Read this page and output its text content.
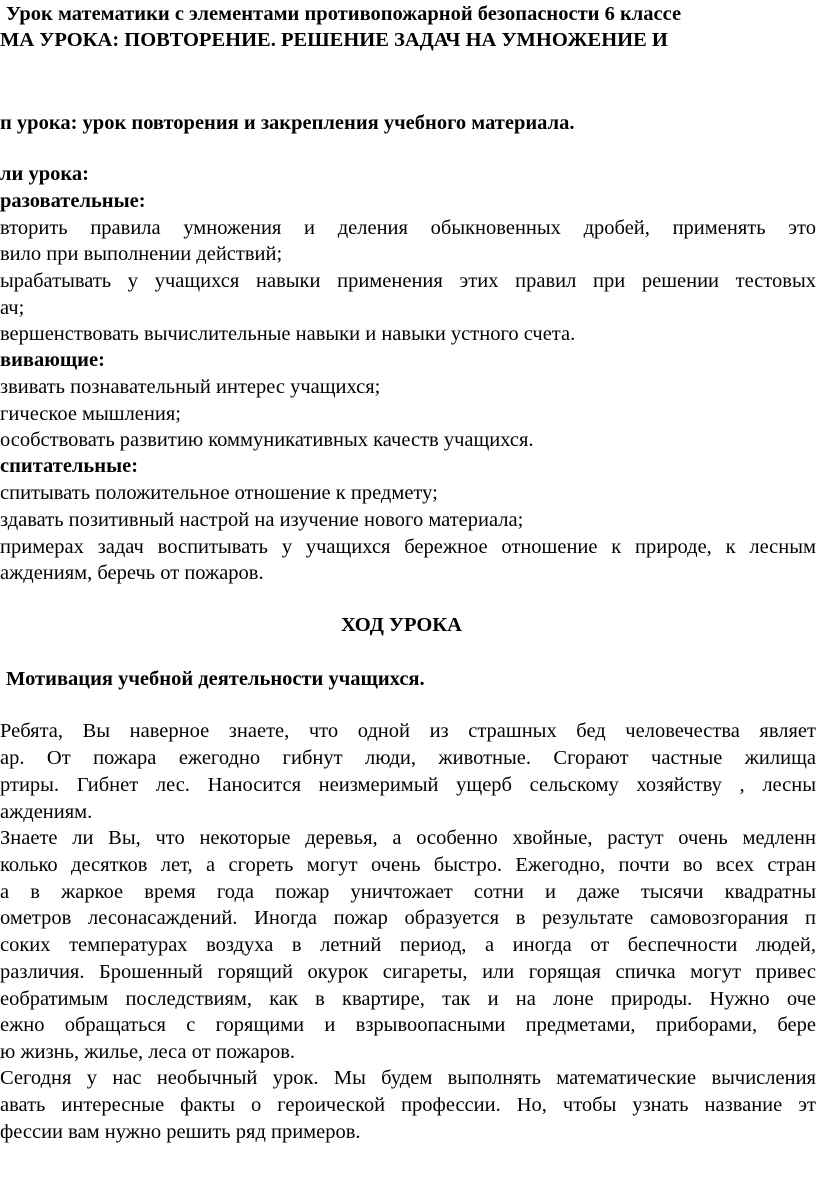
Урок математики с элементами противопожарной безопасности 6 классе
МА УРОКА: ПОВТОРЕНИЕ. РЕШЕНИЕ ЗАДАЧ НА УМНОЖЕНИЕ И
п урока: урок повторения и закрепления учебного материала.
ли урока:
разовательные:
вторить правила умножения и деления обыкновенных дробей, применять это
вило при выполнении действий;
ырабатывать у учащихся навыки применения этих правил при решении тестовых
ач;
вершенствовать вычислительные навыки и навыки устного счета.
вивающие:
звивать познавательный интерес учащихся;
гическое мышления;
особствовать развитию коммуникативных качеств учащихся.
спитательные:
спитывать положительное отношение к предмету;
здавать позитивный настрой на изучение нового материала;
примерах задач воспитывать у учащихся бережное отношение к природе, к лесным
аждениям, беречь от пожаров.
ХОД УРОКА
Мотивация учебной деятельности учащихся.
Ребята, Вы наверное знаете, что одной из страшных бед человечества являет
ар. От пожара ежегодно гибнут люди, животные. Сгорают частные жилища
ртиры. Гибнет лес. Наносится неизмеримый ущерб сельскому хозяйству , лесны
аждениям.
Знаете ли Вы, что некоторые деревья, а особенно хвойные, растут очень медленн
колько десятков лет, а сгореть могут очень быстро. Ежегодно, почти во всех стран
а в жаркое время года пожар уничтожает сотни и даже тысячи квадратны
ометров лесонасаждений. Иногда пожар образуется в результате самовозгорания п
соких температурах воздуха в летний период, а иногда от беспечности людей,
различия. Брошенный горящий окурок сигареты, или горящая спичка могут привес
еобратимым последствиям, как в квартире, так и на лоне природы. Нужно оче
ежно обращаться с горящими и взрывоопасными предметами, приборами, бере
ю жизнь, жилье, леса от пожаров.
Сегодня у нас необычный урок. Мы будем выполнять математические вычисления
авать интересные факты о героической профессии. Но, чтобы узнать название эт
фессии вам нужно решить ряд примеров.
